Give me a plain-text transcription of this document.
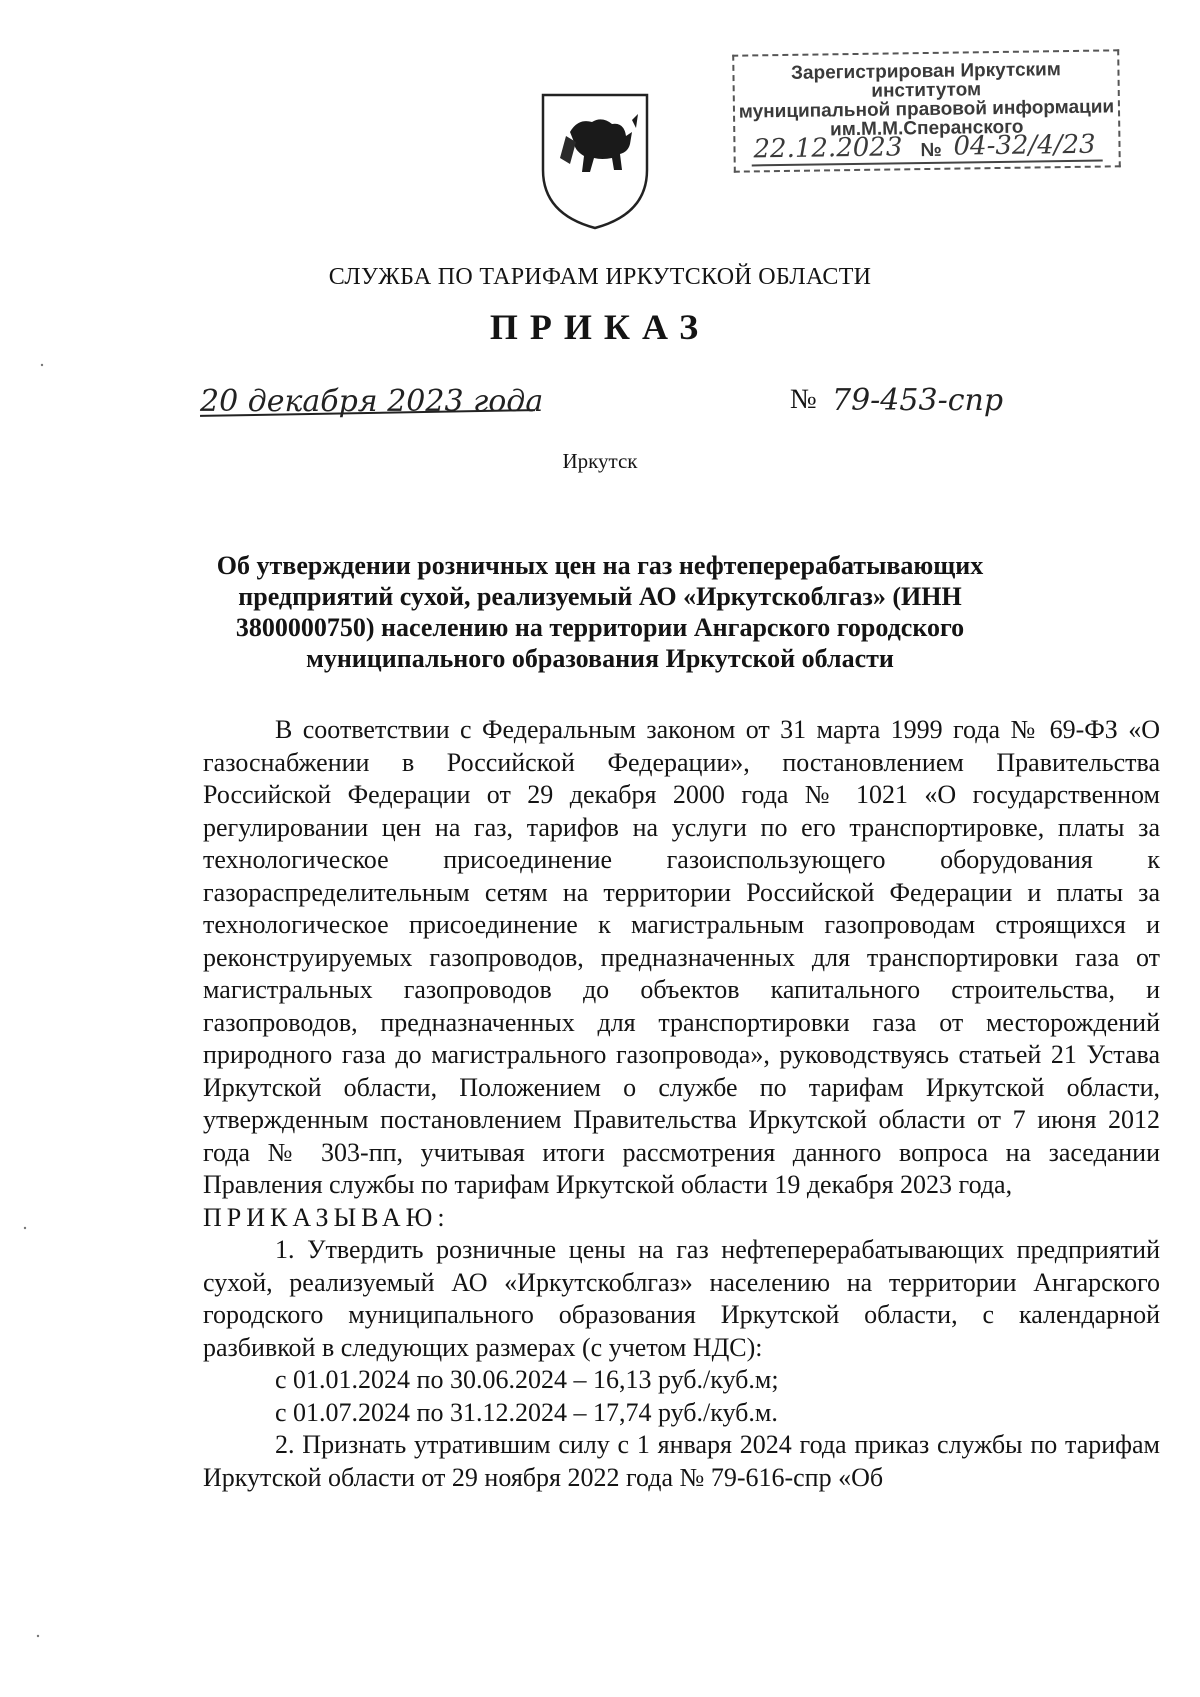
Зарегистрирован Иркутским институтом
муниципальной правовой информации
им.М.М.Сперанского
22.12.2023 № 04-32/4/23
СЛУЖБА ПО ТАРИФАМ ИРКУТСКОЙ ОБЛАСТИ
ПРИКАЗ
20 декабря 2023 года	№ 79-453-спр
Иркутск
Об утверждении розничных цен на газ нефтеперерабатывающих предприятий сухой, реализуемый АО «Иркутскоблгаз» (ИНН 3800000750) населению на территории Ангарского городского муниципального образования Иркутской области

В соответствии с Федеральным законом от 31 марта 1999 года № 69-ФЗ «О газоснабжении в Российской Федерации», постановлением Правительства Российской Федерации от 29 декабря 2000 года № 1021 «О государственном регулировании цен на газ, тарифов на услуги по его транспортировке, платы за технологическое присоединение газоиспользующего оборудования к газораспределительным сетям на территории Российской Федерации и платы за технологическое присоединение к магистральным газопроводам строящихся и реконструируемых газопроводов, предназначенных для транспортировки газа от магистральных газопроводов до объектов капитального строительства, и газопроводов, предназначенных для транспортировки газа от месторождений природного газа до магистрального газопровода», руководствуясь статьей 21 Устава Иркутской области, Положением о службе по тарифам Иркутской области, утвержденным постановлением Правительства Иркутской области от 7 июня 2012 года № 303-пп, учитывая итоги рассмотрения данного вопроса на заседании Правления службы по тарифам Иркутской области 19 декабря 2023 года,

ПРИКАЗЫВАЮ:

1. Утвердить розничные цены на газ нефтеперерабатывающих предприятий сухой, реализуемый АО «Иркутскоблгаз» населению на территории Ангарского городского муниципального образования Иркутской области, с календарной разбивкой в следующих размерах (с учетом НДС):

с 01.01.2024 по 30.06.2024 – 16,13 руб./куб.м;

с 01.07.2024 по 31.12.2024 – 17,74 руб./куб.м.

2. Признать утратившим силу с 1 января 2024 года приказ службы по тарифам Иркутской области от 29 ноября 2022 года № 79-616-спр «Об
